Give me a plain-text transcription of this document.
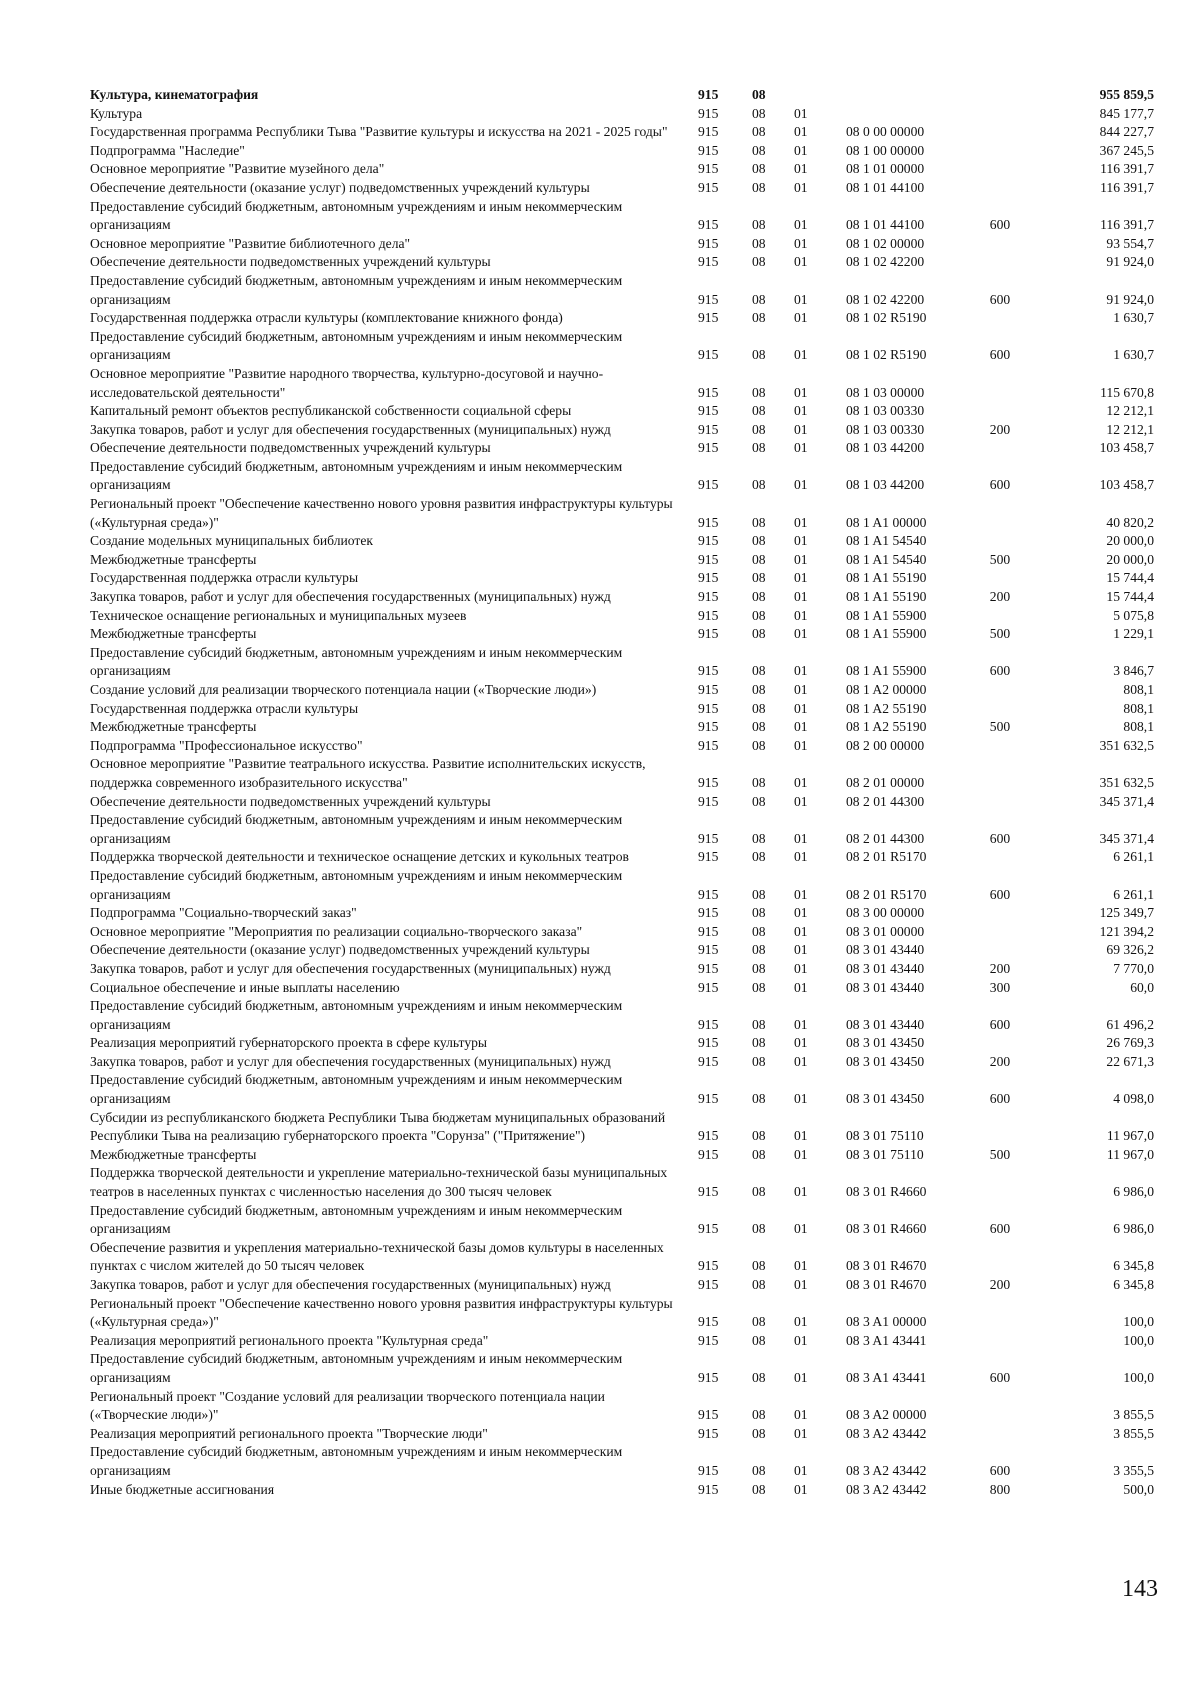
Культура, кинематография	915	08				955 859,5
Культура	915	08	01			845 177,7
Государственная программа Республики Тыва "Развитие культуры и искусства на 2021 - 2025 годы"	915	08	01	08 0 00 00000		844 227,7
Подпрограмма "Наследие"	915	08	01	08 1 00 00000		367 245,5
Основное мероприятие "Развитие музейного дела"	915	08	01	08 1 01 00000		116 391,7
Обеспечение деятельности (оказание услуг) подведомственных учреждений культуры	915	08	01	08 1 01 44100		116 391,7
Предоставление субсидий бюджетным, автономным учреждениям и иным некоммерческим организациям	915	08	01	08 1 01 44100	600	116 391,7
Основное мероприятие "Развитие библиотечного дела"	915	08	01	08 1 02 00000		93 554,7
Обеспечение деятельности подведомственных учреждений культуры	915	08	01	08 1 02 42200		91 924,0
Предоставление субсидий бюджетным, автономным учреждениям и иным некоммерческим организациям	915	08	01	08 1 02 42200	600	91 924,0
Государственная поддержка отрасли культуры (комплектование книжного фонда)	915	08	01	08 1 02 R5190		1 630,7
Предоставление субсидий бюджетным, автономным учреждениям и иным некоммерческим организациям	915	08	01	08 1 02 R5190	600	1 630,7
Основное мероприятие "Развитие народного творчества, культурно-досуговой и научно-исследовательской деятельности"	915	08	01	08 1 03 00000		115 670,8
Капитальный ремонт объектов республиканской собственности социальной сферы	915	08	01	08 1 03 00330		12 212,1
Закупка товаров, работ и услуг для обеспечения государственных (муниципальных) нужд	915	08	01	08 1 03 00330	200	12 212,1
Обеспечение деятельности подведомственных учреждений культуры	915	08	01	08 1 03 44200		103 458,7
Предоставление субсидий бюджетным, автономным учреждениям и иным некоммерческим организациям	915	08	01	08 1 03 44200	600	103 458,7
Региональный проект "Обеспечение качественно нового уровня развития инфраструктуры культуры («Культурная среда»)"	915	08	01	08 1 A1 00000		40 820,2
Создание модельных муниципальных библиотек	915	08	01	08 1 A1 54540		20 000,0
Межбюджетные трансферты	915	08	01	08 1 A1 54540	500	20 000,0
Государственная поддержка отрасли культуры	915	08	01	08 1 A1 55190		15 744,4
Закупка товаров, работ и услуг для обеспечения государственных (муниципальных) нужд	915	08	01	08 1 A1 55190	200	15 744,4
Техническое оснащение региональных и муниципальных музеев	915	08	01	08 1 A1 55900		5 075,8
Межбюджетные трансферты	915	08	01	08 1 A1 55900	500	1 229,1
Предоставление субсидий бюджетным, автономным учреждениям и иным некоммерческим организациям	915	08	01	08 1 A1 55900	600	3 846,7
Создание условий для реализации творческого потенциала нации («Творческие люди»)	915	08	01	08 1 A2 00000		808,1
Государственная поддержка отрасли культуры	915	08	01	08 1 A2 55190		808,1
Межбюджетные трансферты	915	08	01	08 1 A2 55190	500	808,1
Подпрограмма "Профессиональное искусство"	915	08	01	08 2 00 00000		351 632,5
Основное мероприятие "Развитие театрального искусства. Развитие исполнительских искусств, поддержка современного изобразительного искусства"	915	08	01	08 2 01 00000		351 632,5
Обеспечение деятельности подведомственных учреждений культуры	915	08	01	08 2 01 44300		345 371,4
Предоставление субсидий бюджетным, автономным учреждениям и иным некоммерческим организациям	915	08	01	08 2 01 44300	600	345 371,4
Поддержка творческой деятельности и техническое оснащение детских и кукольных театров	915	08	01	08 2 01 R5170		6 261,1
Предоставление субсидий бюджетным, автономным учреждениям и иным некоммерческим организациям	915	08	01	08 2 01 R5170	600	6 261,1
Подпрограмма "Социально-творческий заказ"	915	08	01	08 3 00 00000		125 349,7
Основное мероприятие "Мероприятия по реализации социально-творческого заказа"	915	08	01	08 3 01 00000		121 394,2
Обеспечение деятельности (оказание услуг) подведомственных учреждений культуры	915	08	01	08 3 01 43440		69 326,2
Закупка товаров, работ и услуг для обеспечения государственных (муниципальных) нужд	915	08	01	08 3 01 43440	200	7 770,0
Социальное обеспечение и иные выплаты населению	915	08	01	08 3 01 43440	300	60,0
Предоставление субсидий бюджетным, автономным учреждениям и иным некоммерческим организациям	915	08	01	08 3 01 43440	600	61 496,2
Реализация мероприятий губернаторского проекта в сфере культуры	915	08	01	08 3 01 43450		26 769,3
Закупка товаров, работ и услуг для обеспечения государственных (муниципальных) нужд	915	08	01	08 3 01 43450	200	22 671,3
Предоставление субсидий бюджетным, автономным учреждениям и иным некоммерческим организациям	915	08	01	08 3 01 43450	600	4 098,0
Субсидии из республиканского бюджета Республики Тыва бюджетам муниципальных образований Республики Тыва на реализацию губернаторского проекта "Сорунза" ("Притяжение")	915	08	01	08 3 01 75110		11 967,0
Межбюджетные трансферты	915	08	01	08 3 01 75110	500	11 967,0
Поддержка творческой деятельности и укрепление материально-технической базы муниципальных театров в населенных пунктах с численностью населения до 300 тысяч человек	915	08	01	08 3 01 R4660		6 986,0
Предоставление субсидий бюджетным, автономным учреждениям и иным некоммерческим организациям	915	08	01	08 3 01 R4660	600	6 986,0
Обеспечение развития и укрепления материально-технической базы домов культуры в населенных пунктах с числом жителей до 50 тысяч человек	915	08	01	08 3 01 R4670		6 345,8
Закупка товаров, работ и услуг для обеспечения государственных (муниципальных) нужд	915	08	01	08 3 01 R4670	200	6 345,8
Региональный проект "Обеспечение качественно нового уровня развития инфраструктуры культуры («Культурная среда»)"	915	08	01	08 3 A1 00000		100,0
Реализация мероприятий регионального проекта "Культурная среда"	915	08	01	08 3 A1 43441		100,0
Предоставление субсидий бюджетным, автономным учреждениям и иным некоммерческим организациям	915	08	01	08 3 A1 43441	600	100,0
Региональный проект "Создание условий для реализации творческого потенциала нации («Творческие люди»)"	915	08	01	08 3 A2 00000		3 855,5
Реализация мероприятий регионального проекта "Творческие люди"	915	08	01	08 3 A2 43442		3 855,5
Предоставление субсидий бюджетным, автономным учреждениям и иным некоммерческим организациям	915	08	01	08 3 A2 43442	600	3 355,5
Иные бюджетные ассигнования	915	08	01	08 3 A2 43442	800	500,0
143
